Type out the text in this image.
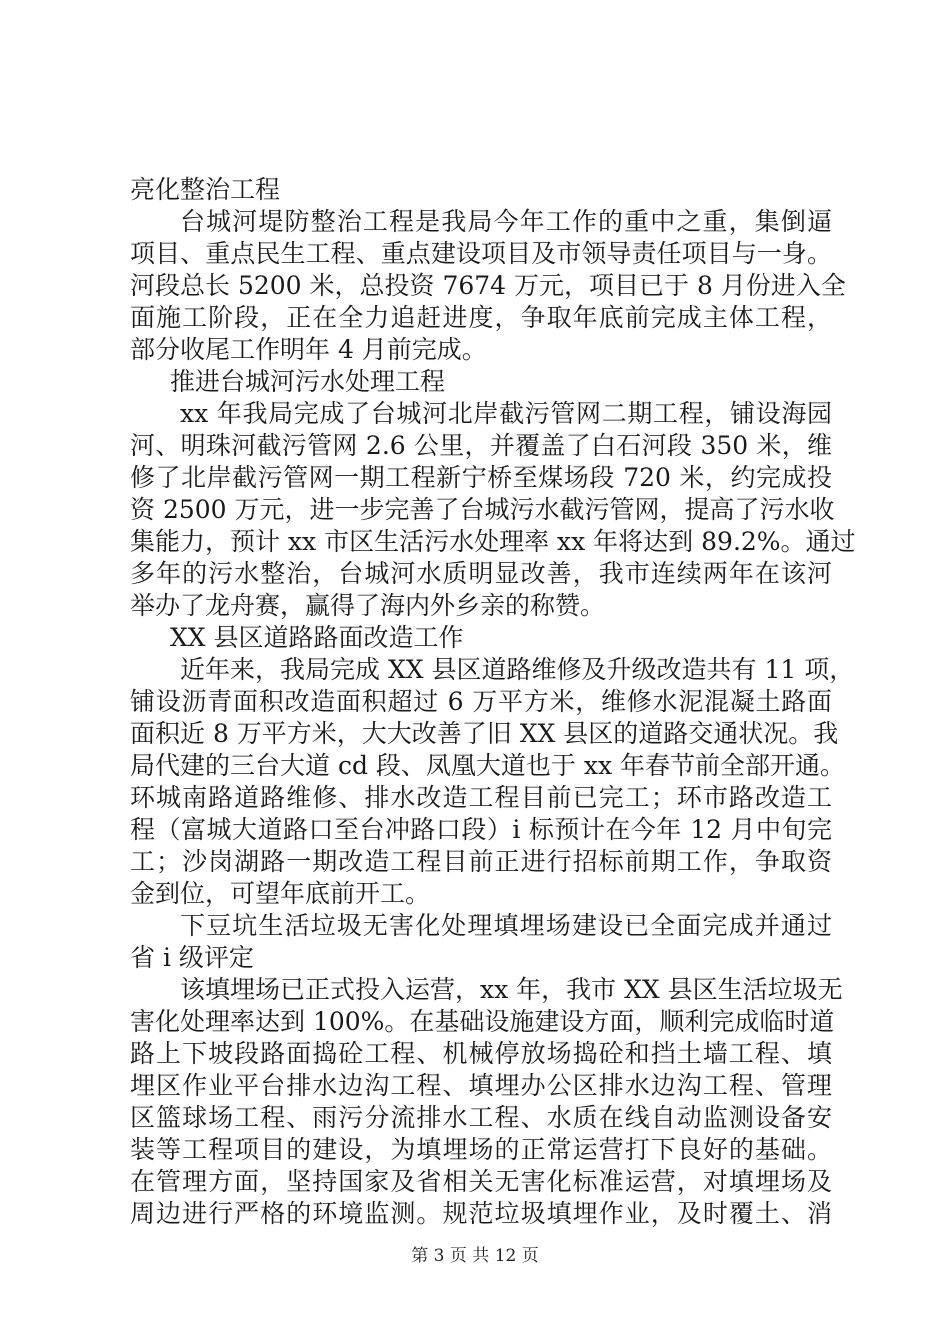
亮化整治工程
台城河堤防整治工程是我局今年工作的重中之重，集倒逼
项目、重点民生工程、重点建设项目及市领导责任项目与一身。
河段总长 5200 米，总投资 7674 万元，项目已于 8 月份进入全
面施工阶段，正在全力追赶进度，争取年底前完成主体工程，
部分收尾工作明年 4 月前完成。
推进台城河污水处理工程
xx 年我局完成了台城河北岸截污管网二期工程，铺设海园
河、明珠河截污管网 2.6 公里，并覆盖了白石河段 350 米，维
修了北岸截污管网一期工程新宁桥至煤场段 720 米，约完成投
资 2500 万元，进一步完善了台城污水截污管网，提高了污水收
集能力，预计 xx 市区生活污水处理率 xx 年将达到 89.2%。通过
多年的污水整治，台城河水质明显改善，我市连续两年在该河
举办了龙舟赛，赢得了海内外乡亲的称赞。
XX 县区道路路面改造工作
近年来，我局完成 XX 县区道路维修及升级改造共有 11 项，
铺设沥青面积改造面积超过 6 万平方米，维修水泥混凝土路面
面积近 8 万平方米，大大改善了旧 XX 县区的道路交通状况。我
局代建的三台大道 cd 段、凤凰大道也于 xx 年春节前全部开通。
环城南路道路维修、排水改造工程目前已完工；环市路改造工
程（富城大道路口至台冲路口段）i 标预计在今年 12 月中旬完
工；沙岗湖路一期改造工程目前正进行招标前期工作，争取资
金到位，可望年底前开工。
下豆坑生活垃圾无害化处理填埋场建设已全面完成并通过
省 i 级评定
该填埋场已正式投入运营，xx 年，我市 XX 县区生活垃圾无
害化处理率达到 100%。在基础设施建设方面，顺利完成临时道
路上下坡段路面捣砼工程、机械停放场捣砼和挡土墙工程、填
埋区作业平台排水边沟工程、填埋办公区排水边沟工程、管理
区篮球场工程、雨污分流排水工程、水质在线自动监测设备安
装等工程项目的建设，为填埋场的正常运营打下良好的基础。
在管理方面，坚持国家及省相关无害化标准运营，对填埋场及
周边进行严格的环境监测。规范垃圾填埋作业，及时覆土、消
第 3 页 共 12 页
